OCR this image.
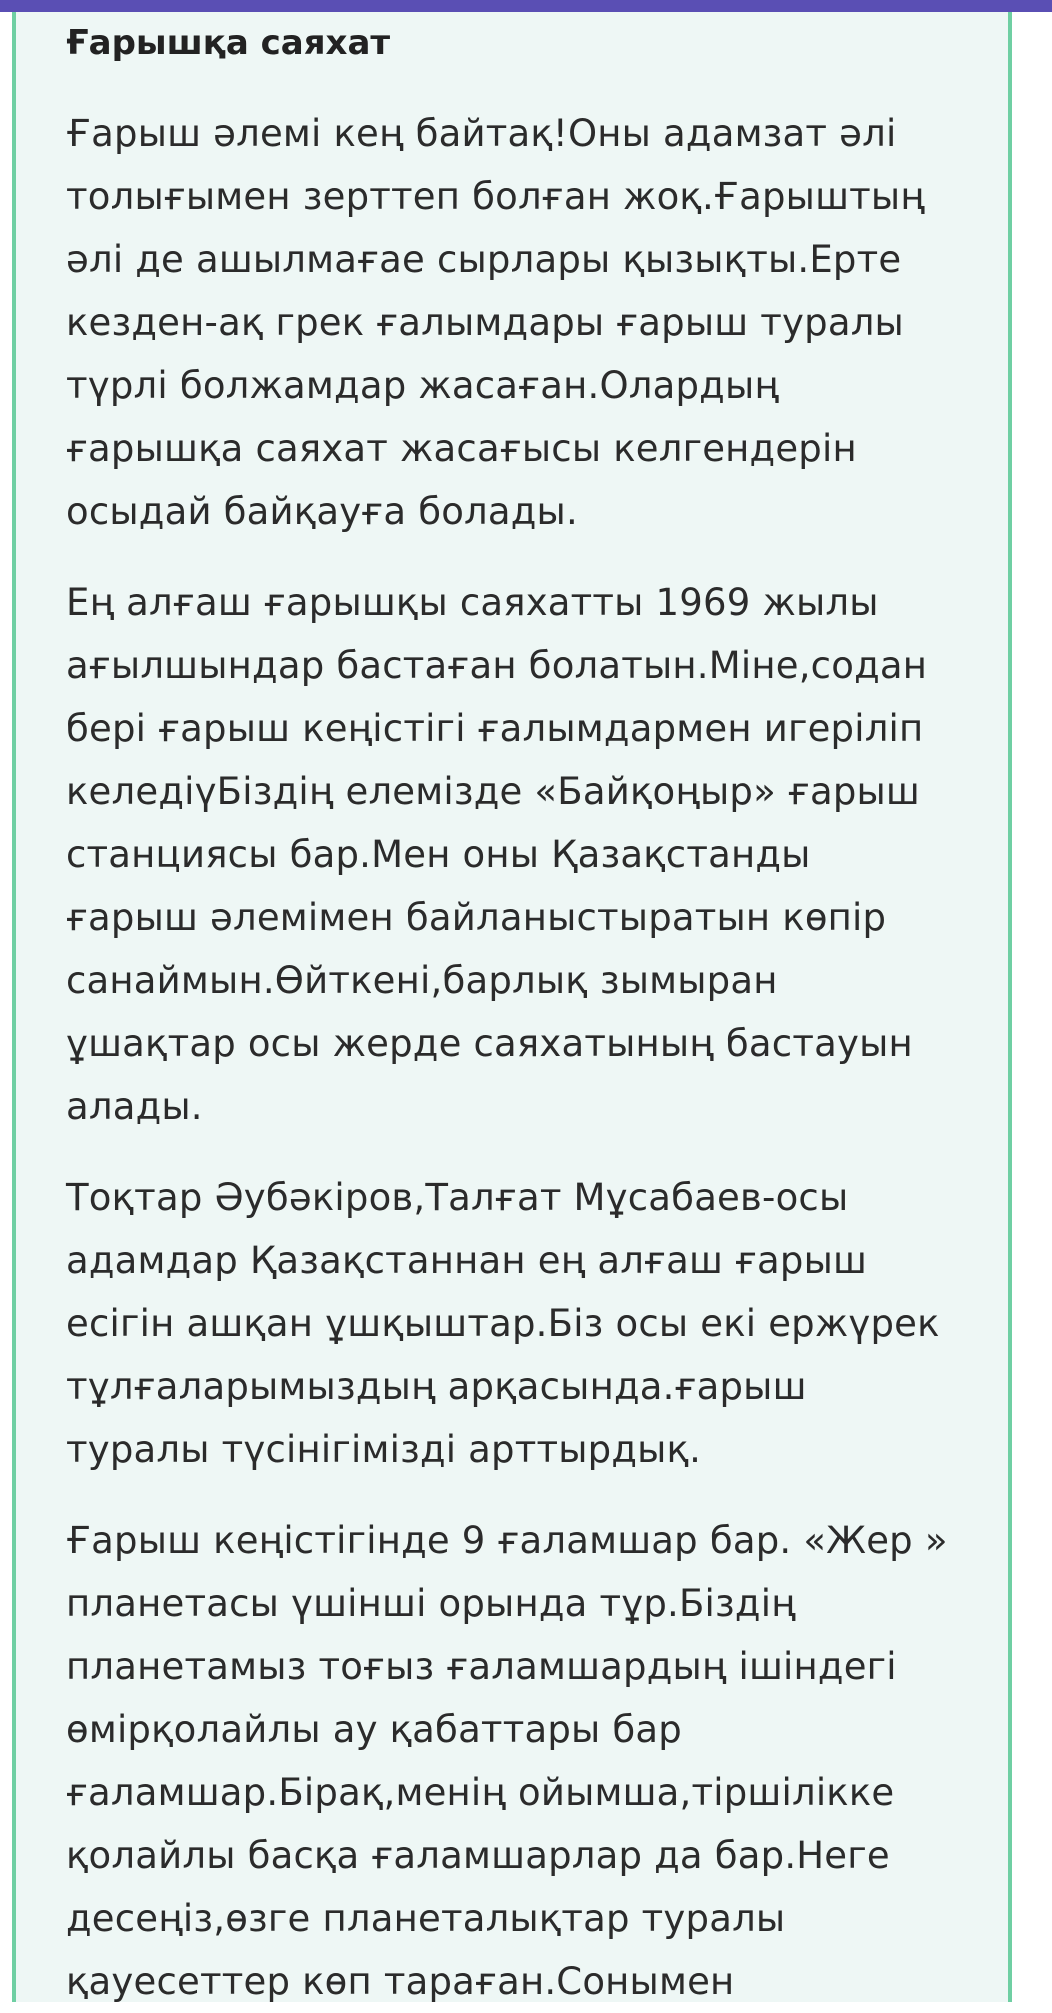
Ғарышқа саяхат

Ғарыш әлемі кең байтақ!Оны адамзат әлі
толығымен зерттеп болған жоқ.Ғарыштың
әлі де ашылмағае сырлары қызықты.Ерте
кезден-ақ грек ғалымдары ғарыш туралы
түрлі болжамдар жасаған.Олардың
ғарышқа саяхат жасағысы келгендерін
осыдай байқауға болады.

Ең алғаш ғарышқы саяхатты 1969 жылы
ағылшындар бастаған болатын.Міне,содан
бері ғарыш кеңістігі ғалымдармен игеріліп
келедіүБіздің елемізде «Байқоңыр» ғарыш
станциясы бар.Мен оны Қазақстанды
ғарыш әлемімен байланыстыратын көпір
санаймын.Өйткені,барлық зымыран
ұшақтар осы жерде саяхатының бастауын
алады.

Тоқтар Әубәкіров,Талғат Мұсабаев-осы
адамдар Қазақстаннан ең алғаш ғарыш
есігін ашқан ұшқыштар.Біз осы екі ержүрек
тұлғаларымыздың арқасында.ғарыш
туралы түсінігімізді арттырдық.

Ғарыш кеңістігінде 9 ғаламшар бар. «Жер »
планетасы үшінші орында тұр.Біздің
планетамыз тоғыз ғаламшардың ішіндегі
өмірқолайлы ау қабаттары бар
ғаламшар.Бірақ,менің ойымша,тіршілікке
қолайлы басқа ғаламшарлар да бар.Неге
десеңіз,өзге планеталықтар туралы
қауесеттер көп тараған.Сонымен
